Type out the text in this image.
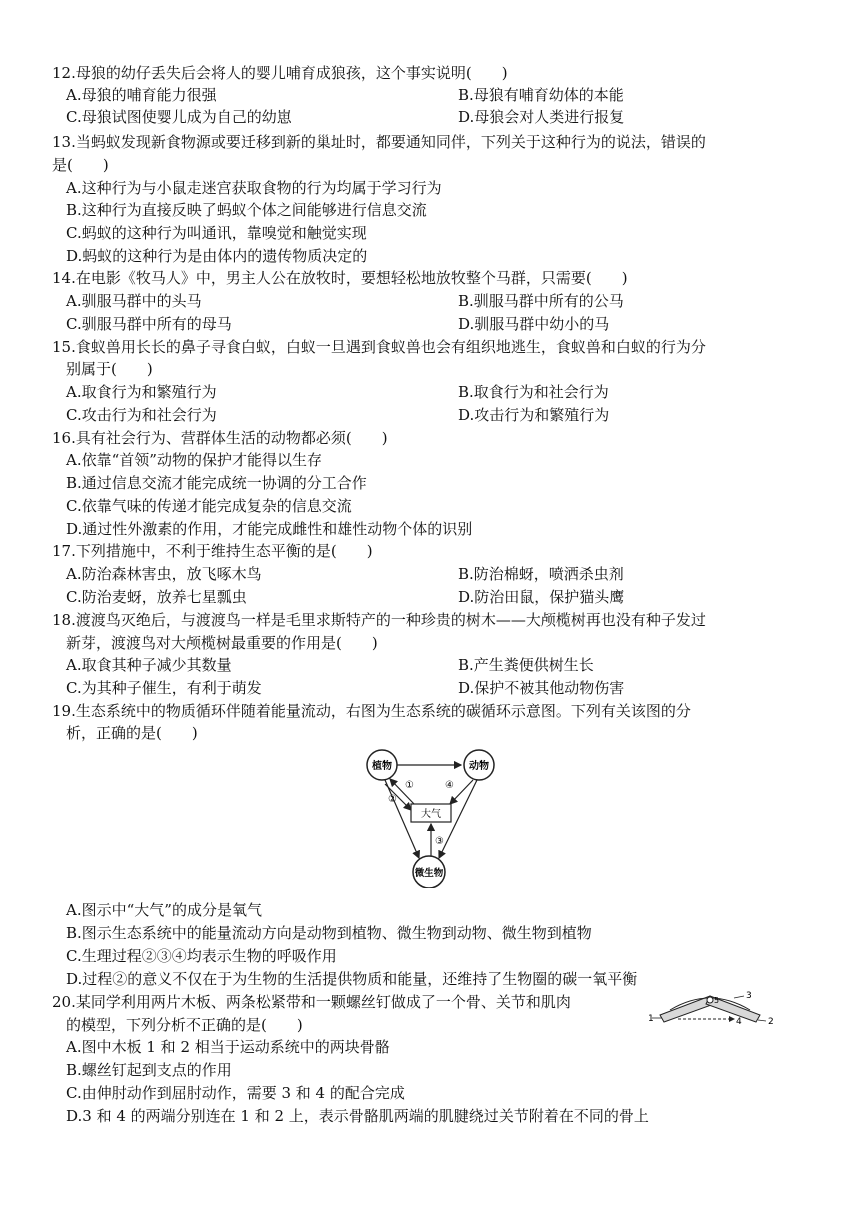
12.母狼的幼仔丢失后会将人的婴儿哺育成狼孩，这个事实说明(　　)
A.母狼的哺育能力很强	B.母狼有哺育幼体的本能
C.母狼试图使婴儿成为自己的幼崽	D.母狼会对人类进行报复
13.当蚂蚁发现新食物源或要迁移到新的巢址时，都要通知同伴，下列关于这种行为的说法，错误的
是(　　)
A.这种行为与小鼠走迷宫获取食物的行为均属于学习行为
B.这种行为直接反映了蚂蚁个体之间能够进行信息交流
C.蚂蚁的这种行为叫通讯，靠嗅觉和触觉实现
D.蚂蚁的这种行为是由体内的遗传物质决定的
14.在电影《牧马人》中，男主人公在放牧时，要想轻松地放牧整个马群，只需要(　　)
A.驯服马群中的头马	B.驯服马群中所有的公马
C.驯服马群中所有的母马	D.驯服马群中幼小的马
15.食蚁兽用长长的鼻子寻食白蚁，白蚁一旦遇到食蚁兽也会有组织地逃生，食蚁兽和白蚁的行为分
别属于(　　)
A.取食行为和繁殖行为	B.取食行为和社会行为
C.攻击行为和社会行为	D.攻击行为和繁殖行为
16.具有社会行为、营群体生活的动物都必须(　　)
A.依靠“首领”动物的保护才能得以生存
B.通过信息交流才能完成统一协调的分工合作
C.依靠气味的传递才能完成复杂的信息交流
D.通过性外激素的作用，才能完成雌性和雄性动物个体的识别
17.下列措施中，不利于维持生态平衡的是(　　)
A.防治森林害虫，放飞啄木鸟	B.防治棉蚜，喷洒杀虫剂
C.防治麦蚜，放养七星瓢虫	D.防治田鼠，保护猫头鹰
18.渡渡鸟灭绝后，与渡渡鸟一样是毛里求斯特产的一种珍贵的树木——大颅榄树再也没有种子发过
新芽，渡渡鸟对大颅榄树最重要的作用是(　　)
A.取食其种子减少其数量	B.产生粪便供树生长
C.为其种子催生，有利于萌发	D.保护不被其他动物伤害
19.生态系统中的物质循环伴随着能量流动，右图为生态系统的碳循环示意图。下列有关该图的分
析，正确的是(　　)
植物	动物
微生物
大气
①
②
③
④
A.图示中“大气”的成分是氧气
B.图示生态系统中的能量流动方向是动物到植物、微生物到动物、微生物到植物
C.生理过程②③④均表示生物的呼吸作用
D.过程②的意义不仅在于为生物的生活提供物质和能量，还维持了生物圈的碳一氧平衡
20.某同学利用两片木板、两条松紧带和一颗螺丝钉做成了一个骨、关节和肌肉
的模型，下列分析不正确的是(　　)	1	2
3
4
5
A.图中木板 1 和 2 相当于运动系统中的两块骨骼
B.螺丝钉起到支点的作用
C.由伸肘动作到屈肘动作，需要 3 和 4 的配合完成
D.3 和 4 的两端分别连在 1 和 2 上，表示骨骼肌两端的肌腱绕过关节附着在不同的骨上
